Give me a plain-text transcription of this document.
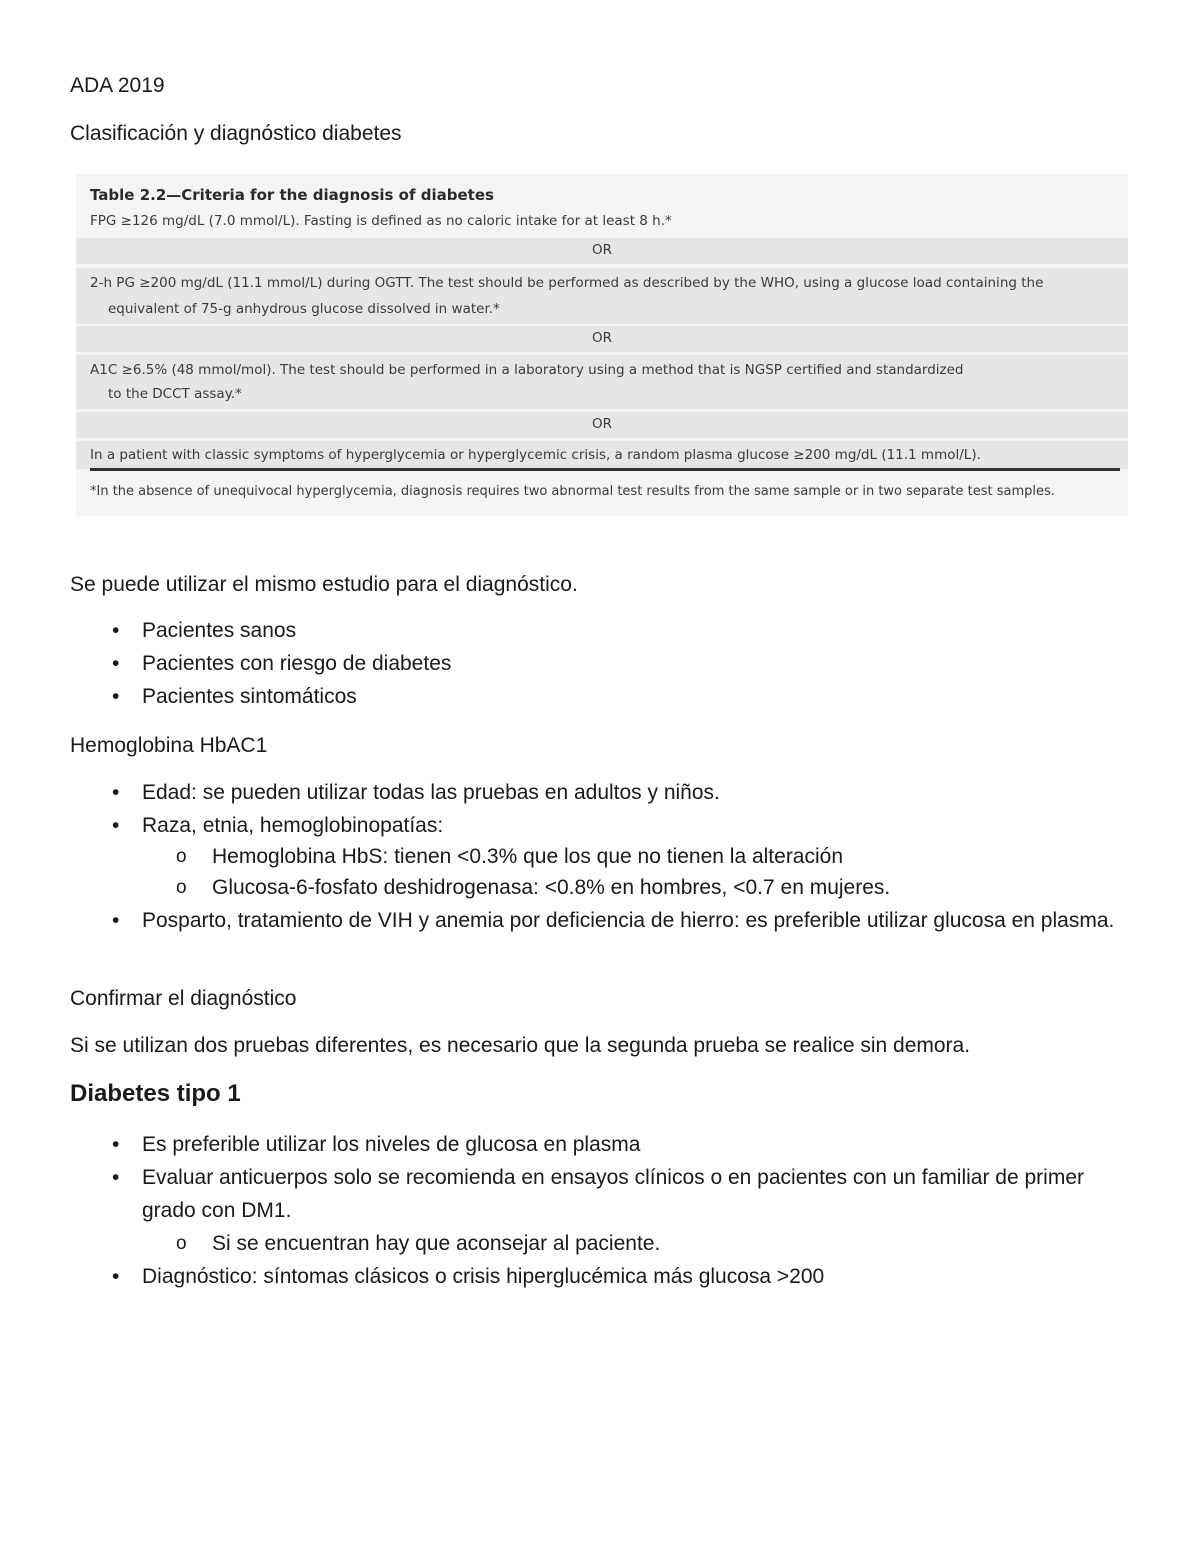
ADA 2019

Clasificación y diagnóstico diabetes

Table 2.2—Criteria for the diagnosis of diabetes
FPG ≥126 mg/dL (7.0 mmol/L). Fasting is defined as no caloric intake for at least 8 h.*
OR
2-h PG ≥200 mg/dL (11.1 mmol/L) during OGTT. The test should be performed as described by the WHO, using a glucose load containing the
equivalent of 75-g anhydrous glucose dissolved in water.*
OR
A1C ≥6.5% (48 mmol/mol). The test should be performed in a laboratory using a method that is NGSP certified and standardized
to the DCCT assay.*
OR
In a patient with classic symptoms of hyperglycemia or hyperglycemic crisis, a random plasma glucose ≥200 mg/dL (11.1 mmol/L).
*In the absence of unequivocal hyperglycemia, diagnosis requires two abnormal test results from the same sample or in two separate test samples.

Se puede utilizar el mismo estudio para el diagnóstico.

• Pacientes sanos
• Pacientes con riesgo de diabetes
• Pacientes sintomáticos

Hemoglobina HbAC1

• Edad: se pueden utilizar todas las pruebas en adultos y niños.
• Raza, etnia, hemoglobinopatías:
o Hemoglobina HbS: tienen <0.3% que los que no tienen la alteración
o Glucosa-6-fosfato deshidrogenasa: <0.8% en hombres, <0.7 en mujeres.
• Posparto, tratamiento de VIH y anemia por deficiencia de hierro: es preferible utilizar glucosa en plasma.

Confirmar el diagnóstico

Si se utilizan dos pruebas diferentes, es necesario que la segunda prueba se realice sin demora.

Diabetes tipo 1
• Es preferible utilizar los niveles de glucosa en plasma
• Evaluar anticuerpos solo se recomienda en ensayos clínicos o en pacientes con un familiar de primer grado con DM1.
o Si se encuentran hay que aconsejar al paciente.
• Diagnóstico: síntomas clásicos o crisis hiperglucémica más glucosa >200
